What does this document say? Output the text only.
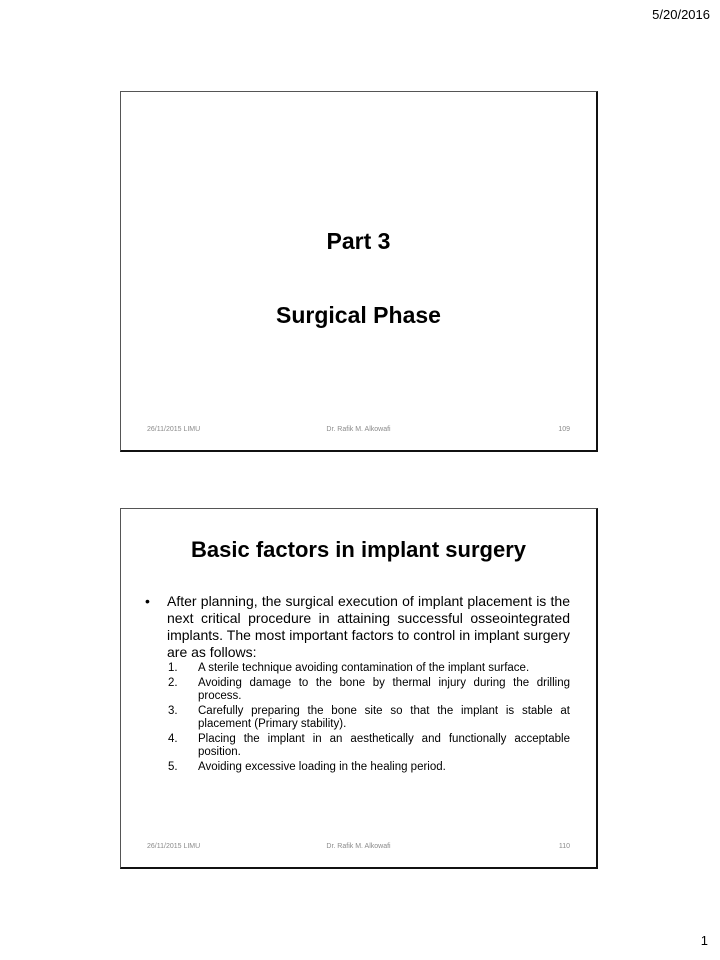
5/20/2016
Part 3
Surgical Phase
26/11/2015 LIMU	Dr. Rafik M. Alkowafi	109
Basic factors in implant surgery
•	After planning, the surgical execution of implant placement is the next critical procedure in attaining successful osseointegrated implants. The most important factors to control in implant surgery are as follows:
1.	A sterile technique avoiding contamination of the implant surface.
2.	Avoiding damage to the bone by thermal injury during the drilling process.
3.	Carefully preparing the bone site so that the implant is stable at placement (Primary stability).
4.	Placing the implant in an aesthetically and functionally acceptable position.
5.	Avoiding excessive loading in the healing period.
26/11/2015 LIMU	Dr. Rafik M. Alkowafi	110
1
